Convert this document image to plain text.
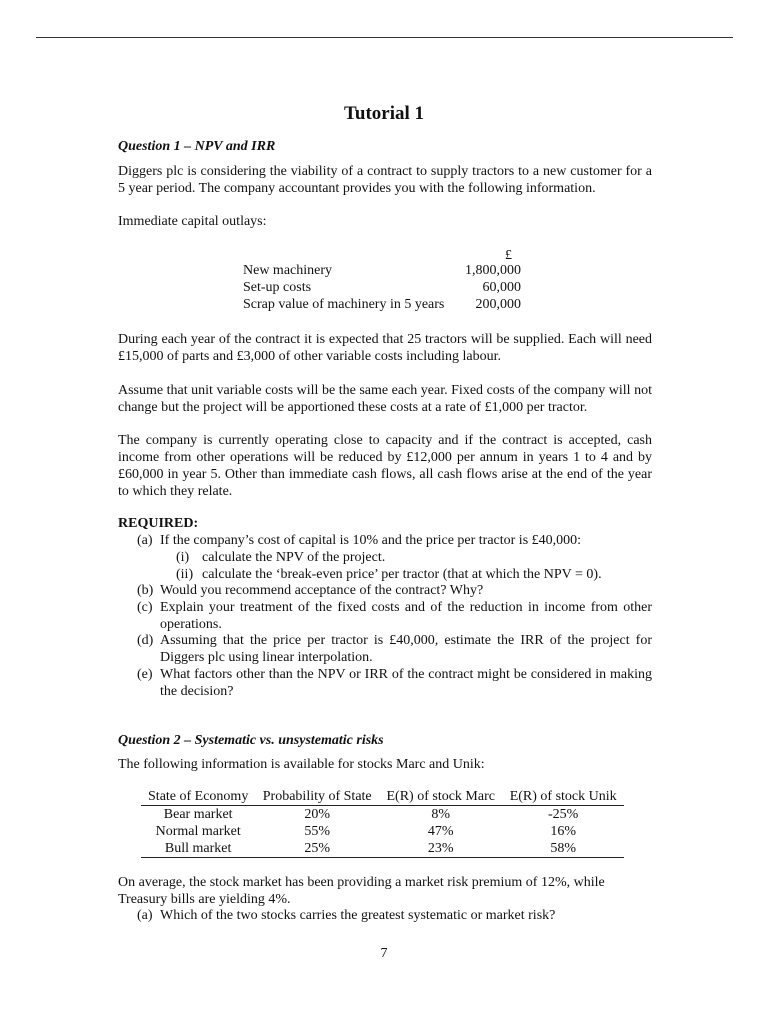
Tutorial 1
Question 1 – NPV and IRR
Diggers plc is considering the viability of a contract to supply tractors to a new customer for a 5 year period. The company accountant provides you with the following information.
Immediate capital outlays:
£
New machinery	1,800,000
Set-up costs	60,000
Scrap value of machinery in 5 years 200,000
During each year of the contract it is expected that 25 tractors will be supplied. Each will need £15,000 of parts and £3,000 of other variable costs including labour.
Assume that unit variable costs will be the same each year. Fixed costs of the company will not change but the project will be apportioned these costs at a rate of £1,000 per tractor.
The company is currently operating close to capacity and if the contract is accepted, cash income from other operations will be reduced by £12,000 per annum in years 1 to 4 and by £60,000 in year 5. Other than immediate cash flows, all cash flows arise at the end of the year to which they relate.
REQUIRED:
(a) If the company’s cost of capital is 10% and the price per tractor is £40,000:
(i) calculate the NPV of the project.
(ii) calculate the ‘break-even price’ per tractor (that at which the NPV = 0).
(b) Would you recommend acceptance of the contract? Why?
(c) Explain your treatment of the fixed costs and of the reduction in income from other operations.
(d) Assuming that the price per tractor is £40,000, estimate the IRR of the project for Diggers plc using linear interpolation.
(e) What factors other than the NPV or IRR of the contract might be considered in making the decision?
Question 2 – Systematic vs. unsystematic risks
The following information is available for stocks Marc and Unik:
State of Economy	Probability of State	E(R) of stock Marc	E(R) of stock Unik
Bear market	20%	8%	-25%
Normal market	55%	47%	16%
Bull market	25%	23%	58%
On average, the stock market has been providing a market risk premium of 12%, while
Treasury bills are yielding 4%.
(a) Which of the two stocks carries the greatest systematic or market risk?
7
